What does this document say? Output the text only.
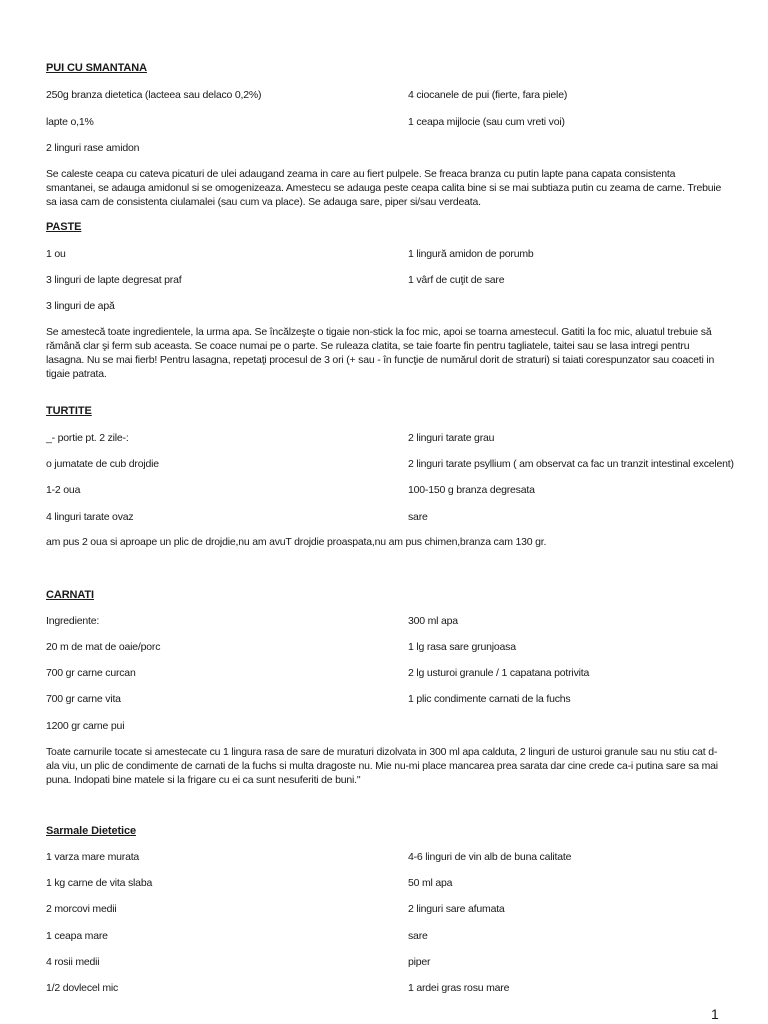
PUI CU SMANTANA
250g branza dietetica (lacteea sau delaco 0,2%)	4 ciocanele de pui (fierte, fara piele)
lapte o,1%	1 ceapa mijlocie (sau cum vreti voi)
2 linguri rase amidon
Se caleste ceapa cu cateva picaturi de ulei adaugand zeama in care au fiert pulpele. Se freaca branza cu putin lapte pana capata consistenta smantanei, se adauga amidonul si se omogenizeaza. Amestecu se adauga peste ceapa calita bine si se mai subtiaza putin cu zeama de carne. Trebuie sa iasa cam de consistenta ciulamalei (sau cum va place). Se adauga sare, piper si/sau verdeata.
PASTE
1 ou	1 lingură amidon de porumb
3 linguri de lapte degresat praf	1 vârf de cuţit de sare
3 linguri de apă
Se amestecă toate ingredientele, la urma apa. Se încălzeşte o tigaie non-stick la foc mic, apoi se toarna amestecul. Gatiti la foc mic, aluatul trebuie să rămână clar şi ferm sub aceasta. Se coace numai pe o parte. Se ruleaza clatita, se taie foarte fin pentru tagliatele, taitei sau se lasa intregi pentru lasagna. Nu se mai fierb! Pentru lasagna, repetaţi procesul de 3 ori (+ sau - în funcţie de numărul dorit de straturi) si taiati corespunzator sau coaceti in tigaie patrata.
TURTITE
_- portie pt. 2 zile-:	2 linguri tarate grau
o jumatate de cub drojdie	2 linguri tarate psyllium ( am observat ca fac un tranzit intestinal excelent)
1-2 oua	100-150 g branza degresata
4 linguri tarate ovaz	sare
am pus 2 oua si aproape un plic de drojdie,nu am avuT drojdie proaspata,nu am pus chimen,branza cam 130 gr.
CARNATI
Ingrediente:	300 ml apa
20 m de mat de oaie/porc	1 lg rasa sare grunjoasa
700 gr carne curcan	2 lg usturoi granule / 1 capatana potrivita
700 gr carne vita	1 plic condimente carnati de la fuchs
1200 gr carne pui
Toate carnurile tocate si amestecate cu 1 lingura rasa de sare de muraturi dizolvata in 300 ml apa calduta, 2 linguri de usturoi granule sau nu stiu cat d-ala viu, un plic de condimente de carnati de la fuchs si multa dragoste nu. Mie nu-mi place mancarea prea sarata dar cine crede ca-i putina sare sa mai puna. Indopati bine matele si la frigare cu ei ca sunt nesuferiti de buni."
Sarmale Dietetice
1 varza mare murata	4-6 linguri de vin alb de buna calitate
1 kg carne de vita slaba	50 ml apa
2 morcovi medii	2 linguri sare afumata
1 ceapa mare	sare
4 rosii medii	piper
1/2 dovlecel mic	1 ardei gras rosu mare
1
